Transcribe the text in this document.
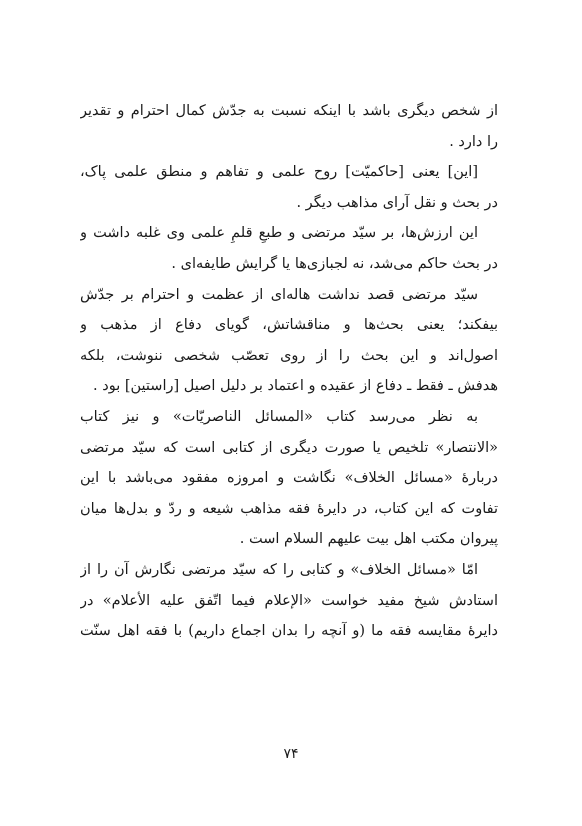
از شخص دیگری باشد با اینکه نسبت به جدّش کمال احترام و تقدیر
را دارد .
[این] یعنی [حاکمیّت] روح علمی و تفاهم و منطق علمی پاک،
در بحث و نقل آرای مذاهب دیگر .
این ارزش‌ها، بر سیّد مرتضی و طبعِ قلمِ علمی وی غلبه داشت و
در بحث حاکم می‌شد، نه لجبازی‌ها یا گرایش طایفه‌ای .
سیّد مرتضی قصد نداشت هاله‌ای از عظمت و احترام بر جدّش
بیفکند؛ یعنی بحث‌ها و مناقشاتش، گویای دفاع از مذهب و
اصول‌اند و این بحث را از روی تعصّب شخصی ننوشت، بلکه
هدفش ـ فقط ـ دفاع از عقیده و اعتماد بر دلیل اصیل [راستین] بود .
به نظر می‌رسد کتاب «المسائل الناصریّات» و نیز کتاب
«الانتصار» تلخیص یا صورت دیگری از کتابی است که سیّد مرتضی
دربارهٔ «مسائل الخلاف» نگاشت و امروزه مفقود می‌باشد با این
تفاوت که این کتاب، در دایرهٔ فقه مذاهب شیعه و ردّ و بدل‌ها میان
پیروان مکتب اهل بیت علیهم السلام است .
امّا «مسائل الخلاف» و کتابی را که سیّد مرتضی نگارش آن را از
استادش شیخ مفید خواست «الإعلام فیما اتّفق علیه الأعلام» در
دایرهٔ مقایسه فقه ما (و آنچه را بدان اجماع داریم) با فقه اهل سنّت
۷۴
